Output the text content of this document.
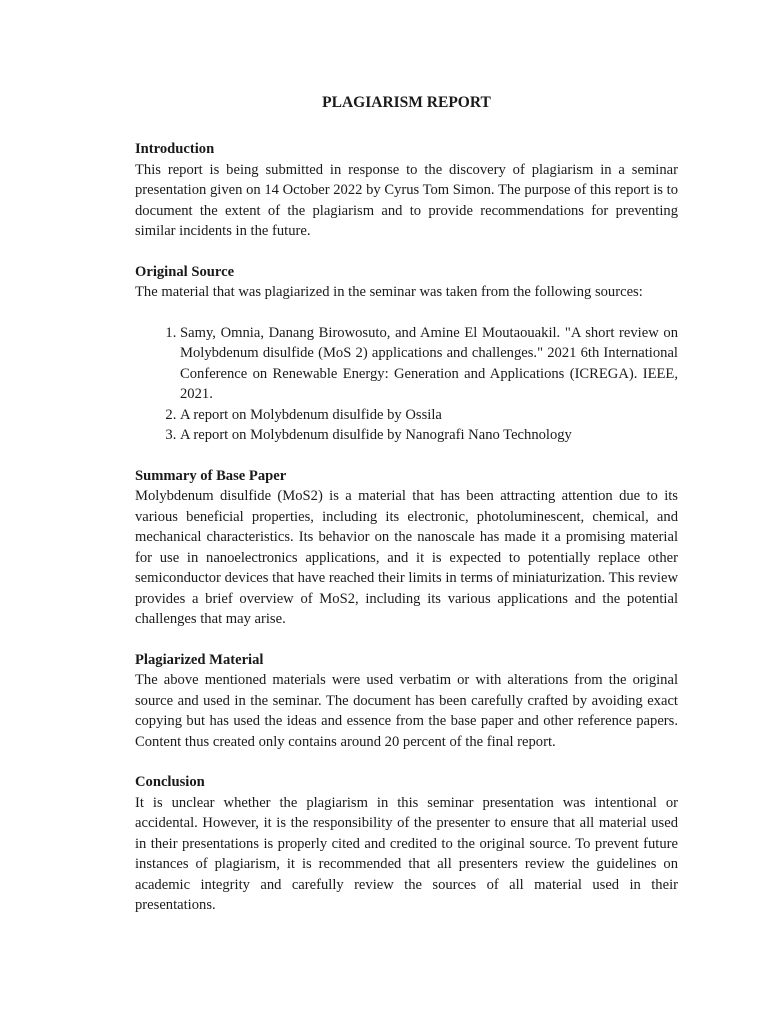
PLAGIARISM REPORT
Introduction
This report is being submitted in response to the discovery of plagiarism in a seminar presentation given on 14 October 2022 by Cyrus Tom Simon. The purpose of this report is to document the extent of the plagiarism and to provide recommendations for preventing similar incidents in the future.
Original Source
The material that was plagiarized in the seminar was taken from the following sources:
1. Samy, Omnia, Danang Birowosuto, and Amine El Moutaouakil. "A short review on Molybdenum disulfide (MoS 2) applications and challenges." 2021 6th International Conference on Renewable Energy: Generation and Applications (ICREGA). IEEE, 2021.
2. A report on Molybdenum disulfide by Ossila
3. A report on Molybdenum disulfide by Nanografi Nano Technology
Summary of Base Paper
Molybdenum disulfide (MoS2) is a material that has been attracting attention due to its various beneficial properties, including its electronic, photoluminescent, chemical, and mechanical characteristics. Its behavior on the nanoscale has made it a promising material for use in nanoelectronics applications, and it is expected to potentially replace other semiconductor devices that have reached their limits in terms of miniaturization. This review provides a brief overview of MoS2, including its various applications and the potential challenges that may arise.
Plagiarized Material
The above mentioned materials were used verbatim or with alterations from the original source and used in the seminar. The document has been carefully crafted by avoiding exact copying but has used the ideas and essence from the base paper and other reference papers. Content thus created only contains around 20 percent of the final report.
Conclusion
It is unclear whether the plagiarism in this seminar presentation was intentional or accidental. However, it is the responsibility of the presenter to ensure that all material used in their presentations is properly cited and credited to the original source. To prevent future instances of plagiarism, it is recommended that all presenters review the guidelines on academic integrity and carefully review the sources of all material used in their presentations.
